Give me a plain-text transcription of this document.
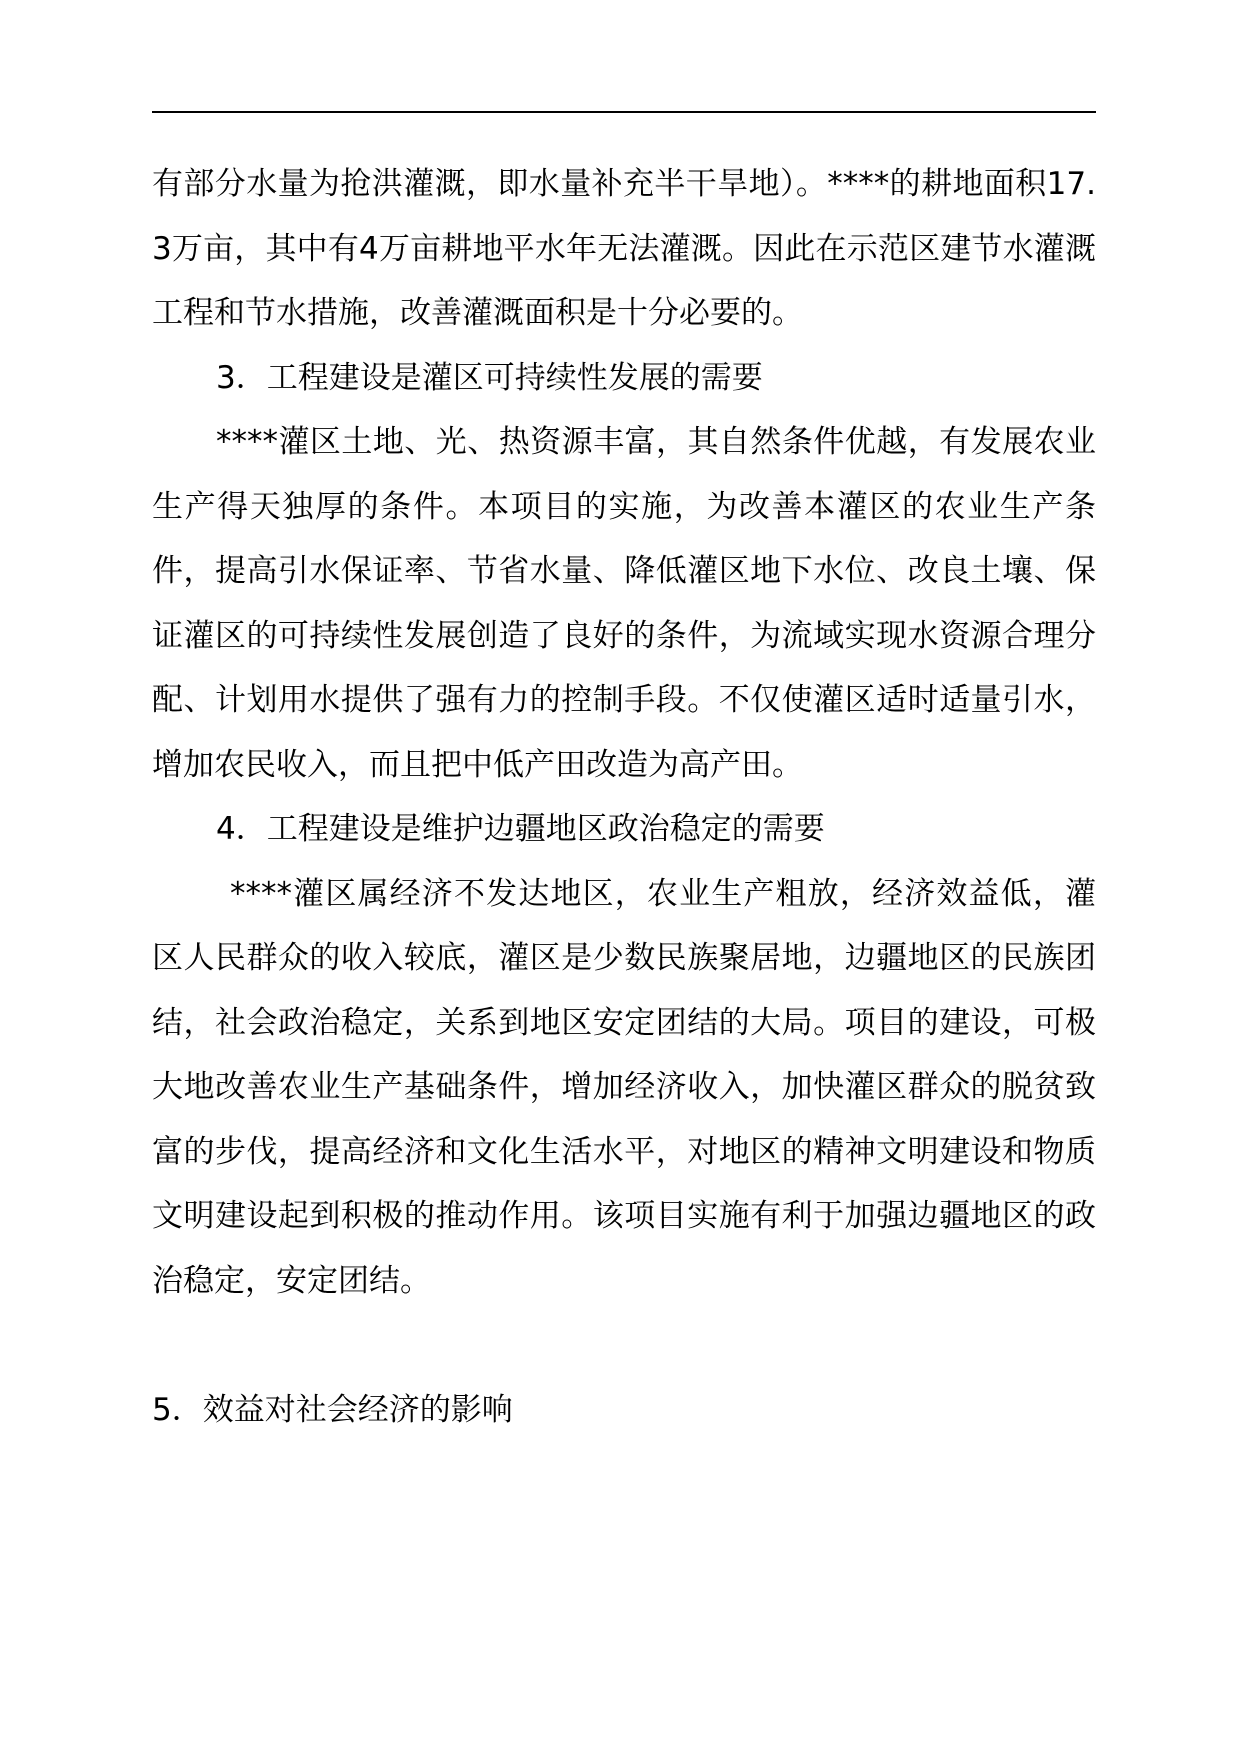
有部分水量为抢洪灌溉，即水量补充半干旱地）。****的耕地面积17.3万亩，其中有4万亩耕地平水年无法灌溉。因此在示范区建节水灌溉工程和节水措施，改善灌溉面积是十分必要的。

3．工程建设是灌区可持续性发展的需要

****灌区土地、光、热资源丰富，其自然条件优越，有发展农业生产得天独厚的条件。本项目的实施，为改善本灌区的农业生产条件，提高引水保证率、节省水量、降低灌区地下水位、改良土壤、保证灌区的可持续性发展创造了良好的条件，为流域实现水资源合理分配、计划用水提供了强有力的控制手段。不仅使灌区适时适量引水，增加农民收入，而且把中低产田改造为高产田。

4．工程建设是维护边疆地区政治稳定的需要

****灌区属经济不发达地区，农业生产粗放，经济效益低，灌区人民群众的收入较底，灌区是少数民族聚居地，边疆地区的民族团结，社会政治稳定，关系到地区安定团结的大局。项目的建设，可极大地改善农业生产基础条件，增加经济收入，加快灌区群众的脱贫致富的步伐，提高经济和文化生活水平，对地区的精神文明建设和物质文明建设起到积极的推动作用。该项目实施有利于加强边疆地区的政治稳定，安定团结。

5．效益对社会经济的影响
